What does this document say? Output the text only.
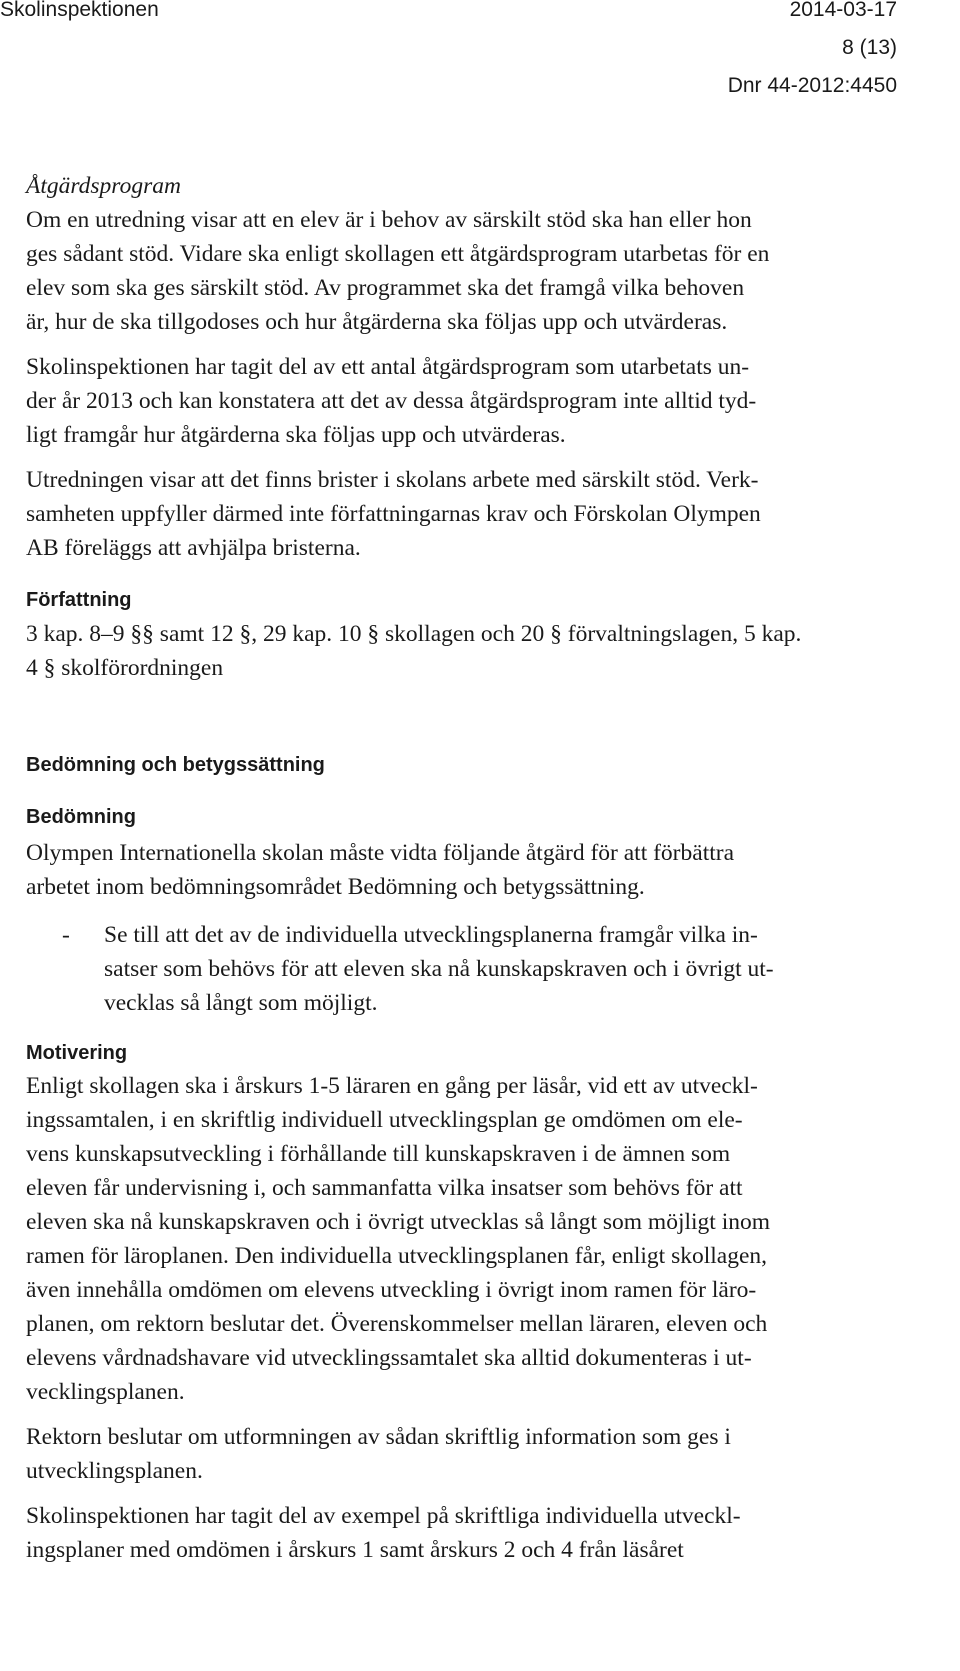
Skolinspektionen	2014-03-17
8 (13)
Dnr 44-2012:4450

Åtgärdsprogram

Om en utredning visar att en elev är i behov av särskilt stöd ska han eller hon

ges sådant stöd. Vidare ska enligt skollagen ett åtgärdsprogram utarbetas för en

elev som ska ges särskilt stöd. Av programmet ska det framgå vilka behoven

är, hur de ska tillgodoses och hur åtgärderna ska följas upp och utvärderas.

Skolinspektionen har tagit del av ett antal åtgärdsprogram som utarbetats un-

der år 2013 och kan konstatera att det av dessa åtgärdsprogram inte alltid tyd-

ligt framgår hur åtgärderna ska följas upp och utvärderas.

Utredningen visar att det finns brister i skolans arbete med särskilt stöd. Verk-

samheten uppfyller därmed inte författningarnas krav och Förskolan Olympen

AB föreläggs att avhjälpa bristerna.

Författning

3 kap. 8–9 §§ samt 12 §, 29 kap. 10 § skollagen och 20 § förvaltningslagen, 5 kap.

4 § skolförordningen

Bedömning och betygssättning

Bedömning

Olympen Internationella skolan måste vidta följande åtgärd för att förbättra

arbetet inom bedömningsområdet Bedömning och betygssättning.

- Se till att det av de individuella utvecklingsplanerna framgår vilka in-

satser som behövs för att eleven ska nå kunskapskraven och i övrigt ut-

vecklas så långt som möjligt.

Motivering

Enligt skollagen ska i årskurs 1-5 läraren en gång per läsår, vid ett av utveckl-

ingssamtalen, i en skriftlig individuell utvecklingsplan ge omdömen om ele-

vens kunskapsutveckling i förhållande till kunskapskraven i de ämnen som

eleven får undervisning i, och sammanfatta vilka insatser som behövs för att

eleven ska nå kunskapskraven och i övrigt utvecklas så långt som möjligt inom

ramen för läroplanen. Den individuella utvecklingsplanen får, enligt skollagen,

även innehålla omdömen om elevens utveckling i övrigt inom ramen för läro-

planen, om rektorn beslutar det. Överenskommelser mellan läraren, eleven och

elevens vårdnadshavare vid utvecklingssamtalet ska alltid dokumenteras i ut-

vecklingsplanen.

Rektorn beslutar om utformningen av sådan skriftlig information som ges i

utvecklingsplanen.

Skolinspektionen har tagit del av exempel på skriftliga individuella utveckl-

ingsplaner med omdömen i årskurs 1 samt årskurs 2 och 4 från läsåret
